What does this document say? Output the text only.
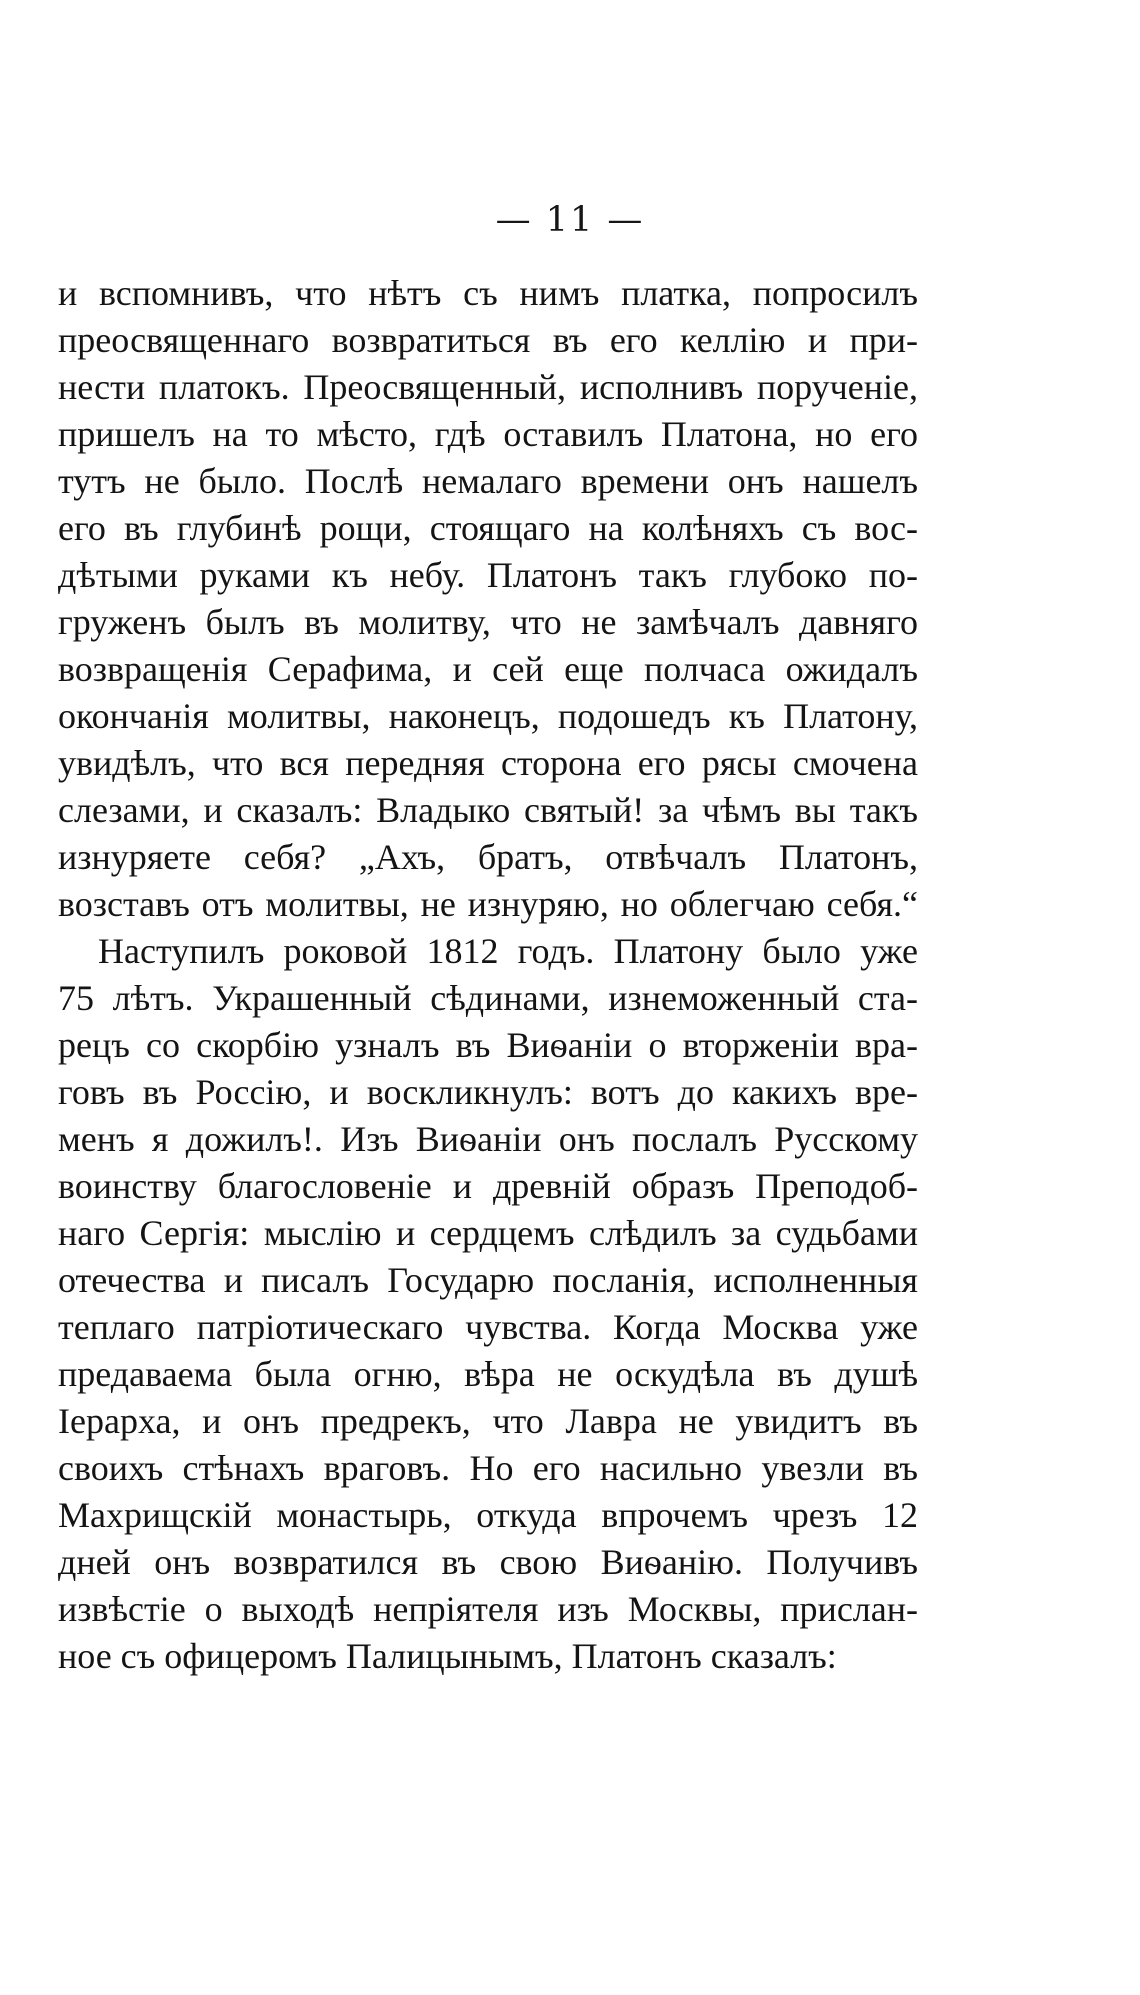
— 11 —
и вспомнивъ, что нѣтъ съ нимъ платка, попросилъ
преосвященнаго возвратиться въ его келлію и при-
нести платокъ. Преосвященный, исполнивъ порученіе,
пришелъ на то мѣсто, гдѣ оставилъ Платона, но его
тутъ не было. Послѣ немалаго времени онъ нашелъ
его въ глубинѣ рощи, стоящаго на колѣняхъ съ вос-
дѣтыми руками къ небу. Платонъ такъ глубоко по-
груженъ былъ въ молитву, что не замѣчалъ давняго
возвращенія Серафима, и сей еще полчаса ожидалъ
окончанія молитвы, наконецъ, подошедъ къ Платону,
увидѣлъ, что вся передняя сторона его рясы смочена
слезами, и сказалъ: Владыко святый! за чѣмъ вы такъ
изнуряете себя? „Ахъ, братъ, отвѣчалъ Платонъ,
возставъ отъ молитвы, не изнуряю, но облегчаю себя.“
Наступилъ роковой 1812 годъ. Платону было уже
75 лѣтъ. Украшенный сѣдинами, изнеможенный ста-
рецъ со скорбію узналъ въ Виѳаніи о вторженіи вра-
говъ въ Россію, и воскликнулъ: вотъ до какихъ вре-
менъ я дожилъ!. Изъ Виѳаніи онъ послалъ Русскому
воинству благословеніе и древній образъ Преподоб-
наго Сергія: мыслію и сердцемъ слѣдилъ за судьбами
отечества и писалъ Государю посланія, исполненныя
теплаго патріотическаго чувства. Когда Москва уже
предаваема была огню, вѣра не оскудѣла въ душѣ
Іерарха, и онъ предрекъ, что Лавра не увидитъ въ
своихъ стѣнахъ враговъ. Но его насильно увезли въ
Махрищскій монастырь, откуда впрочемъ чрезъ 12
дней онъ возвратился въ свою Виѳанію. Получивъ
извѣстіе о выходѣ непріятеля изъ Москвы, прислан-
ное съ офицеромъ Палицынымъ, Платонъ сказалъ:
